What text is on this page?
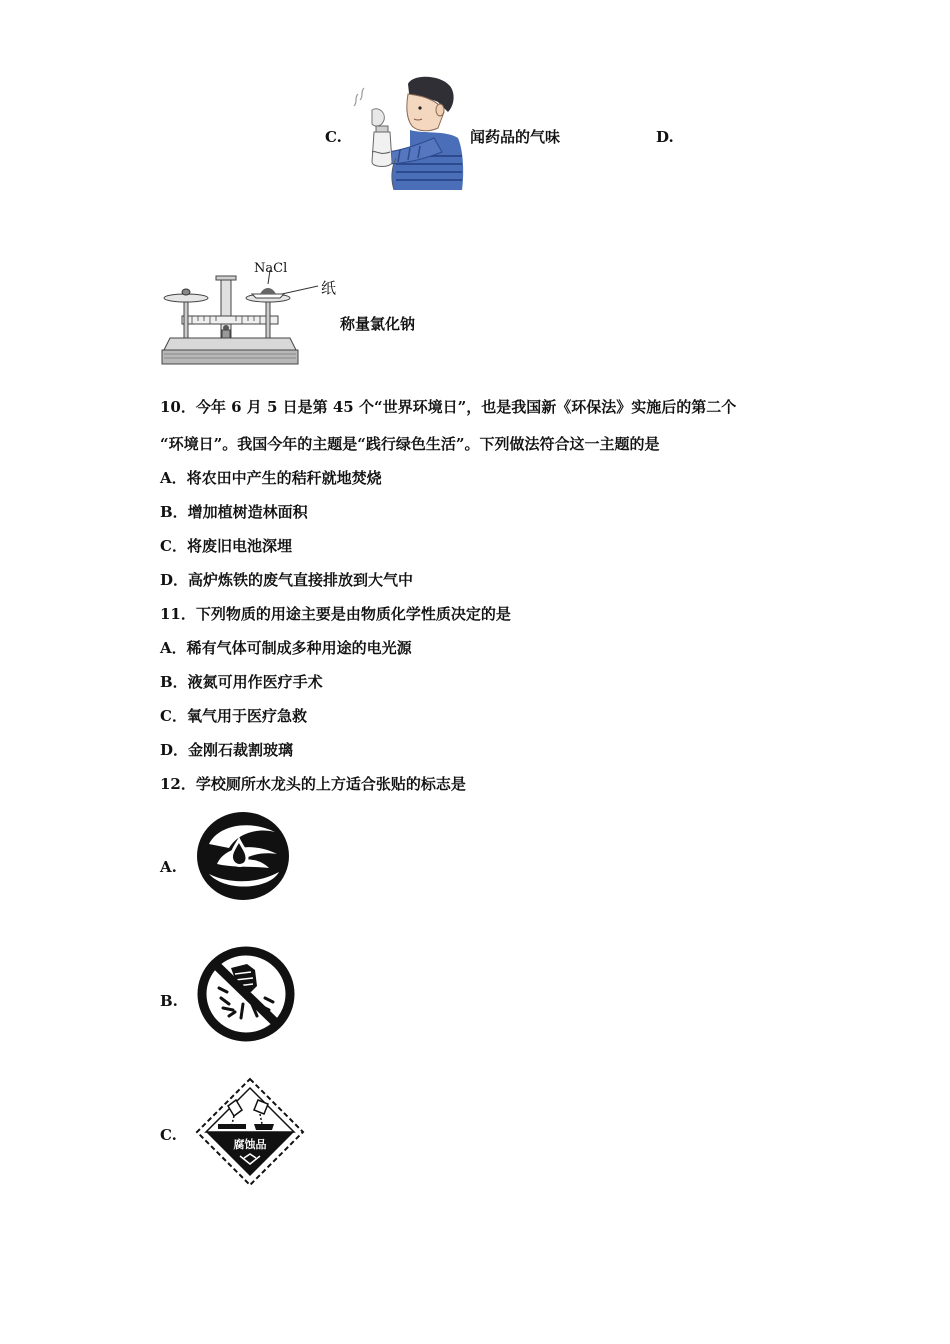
C.	闻药品的气味	D.
NaCl
纸
称量氯化钠
10．今年 6 月 5 日是第 45 个“世界环境日”，也是我国新《环保法》实施后的第二个
“环境日”。我国今年的主题是“践行绿色生活”。下列做法符合这一主题的是
A．将农田中产生的秸秆就地焚烧
B．增加植树造林面积
C．将废旧电池深埋
D．高炉炼铁的废气直接排放到大气中
11．下列物质的用途主要是由物质化学性质决定的是
A．稀有气体可制成多种用途的电光源
B．液氮可用作医疗手术
C．氧气用于医疗急救
D．金刚石裁割玻璃
12．学校厕所水龙头的上方适合张贴的标志是
A.
B.
C.
腐蚀品
